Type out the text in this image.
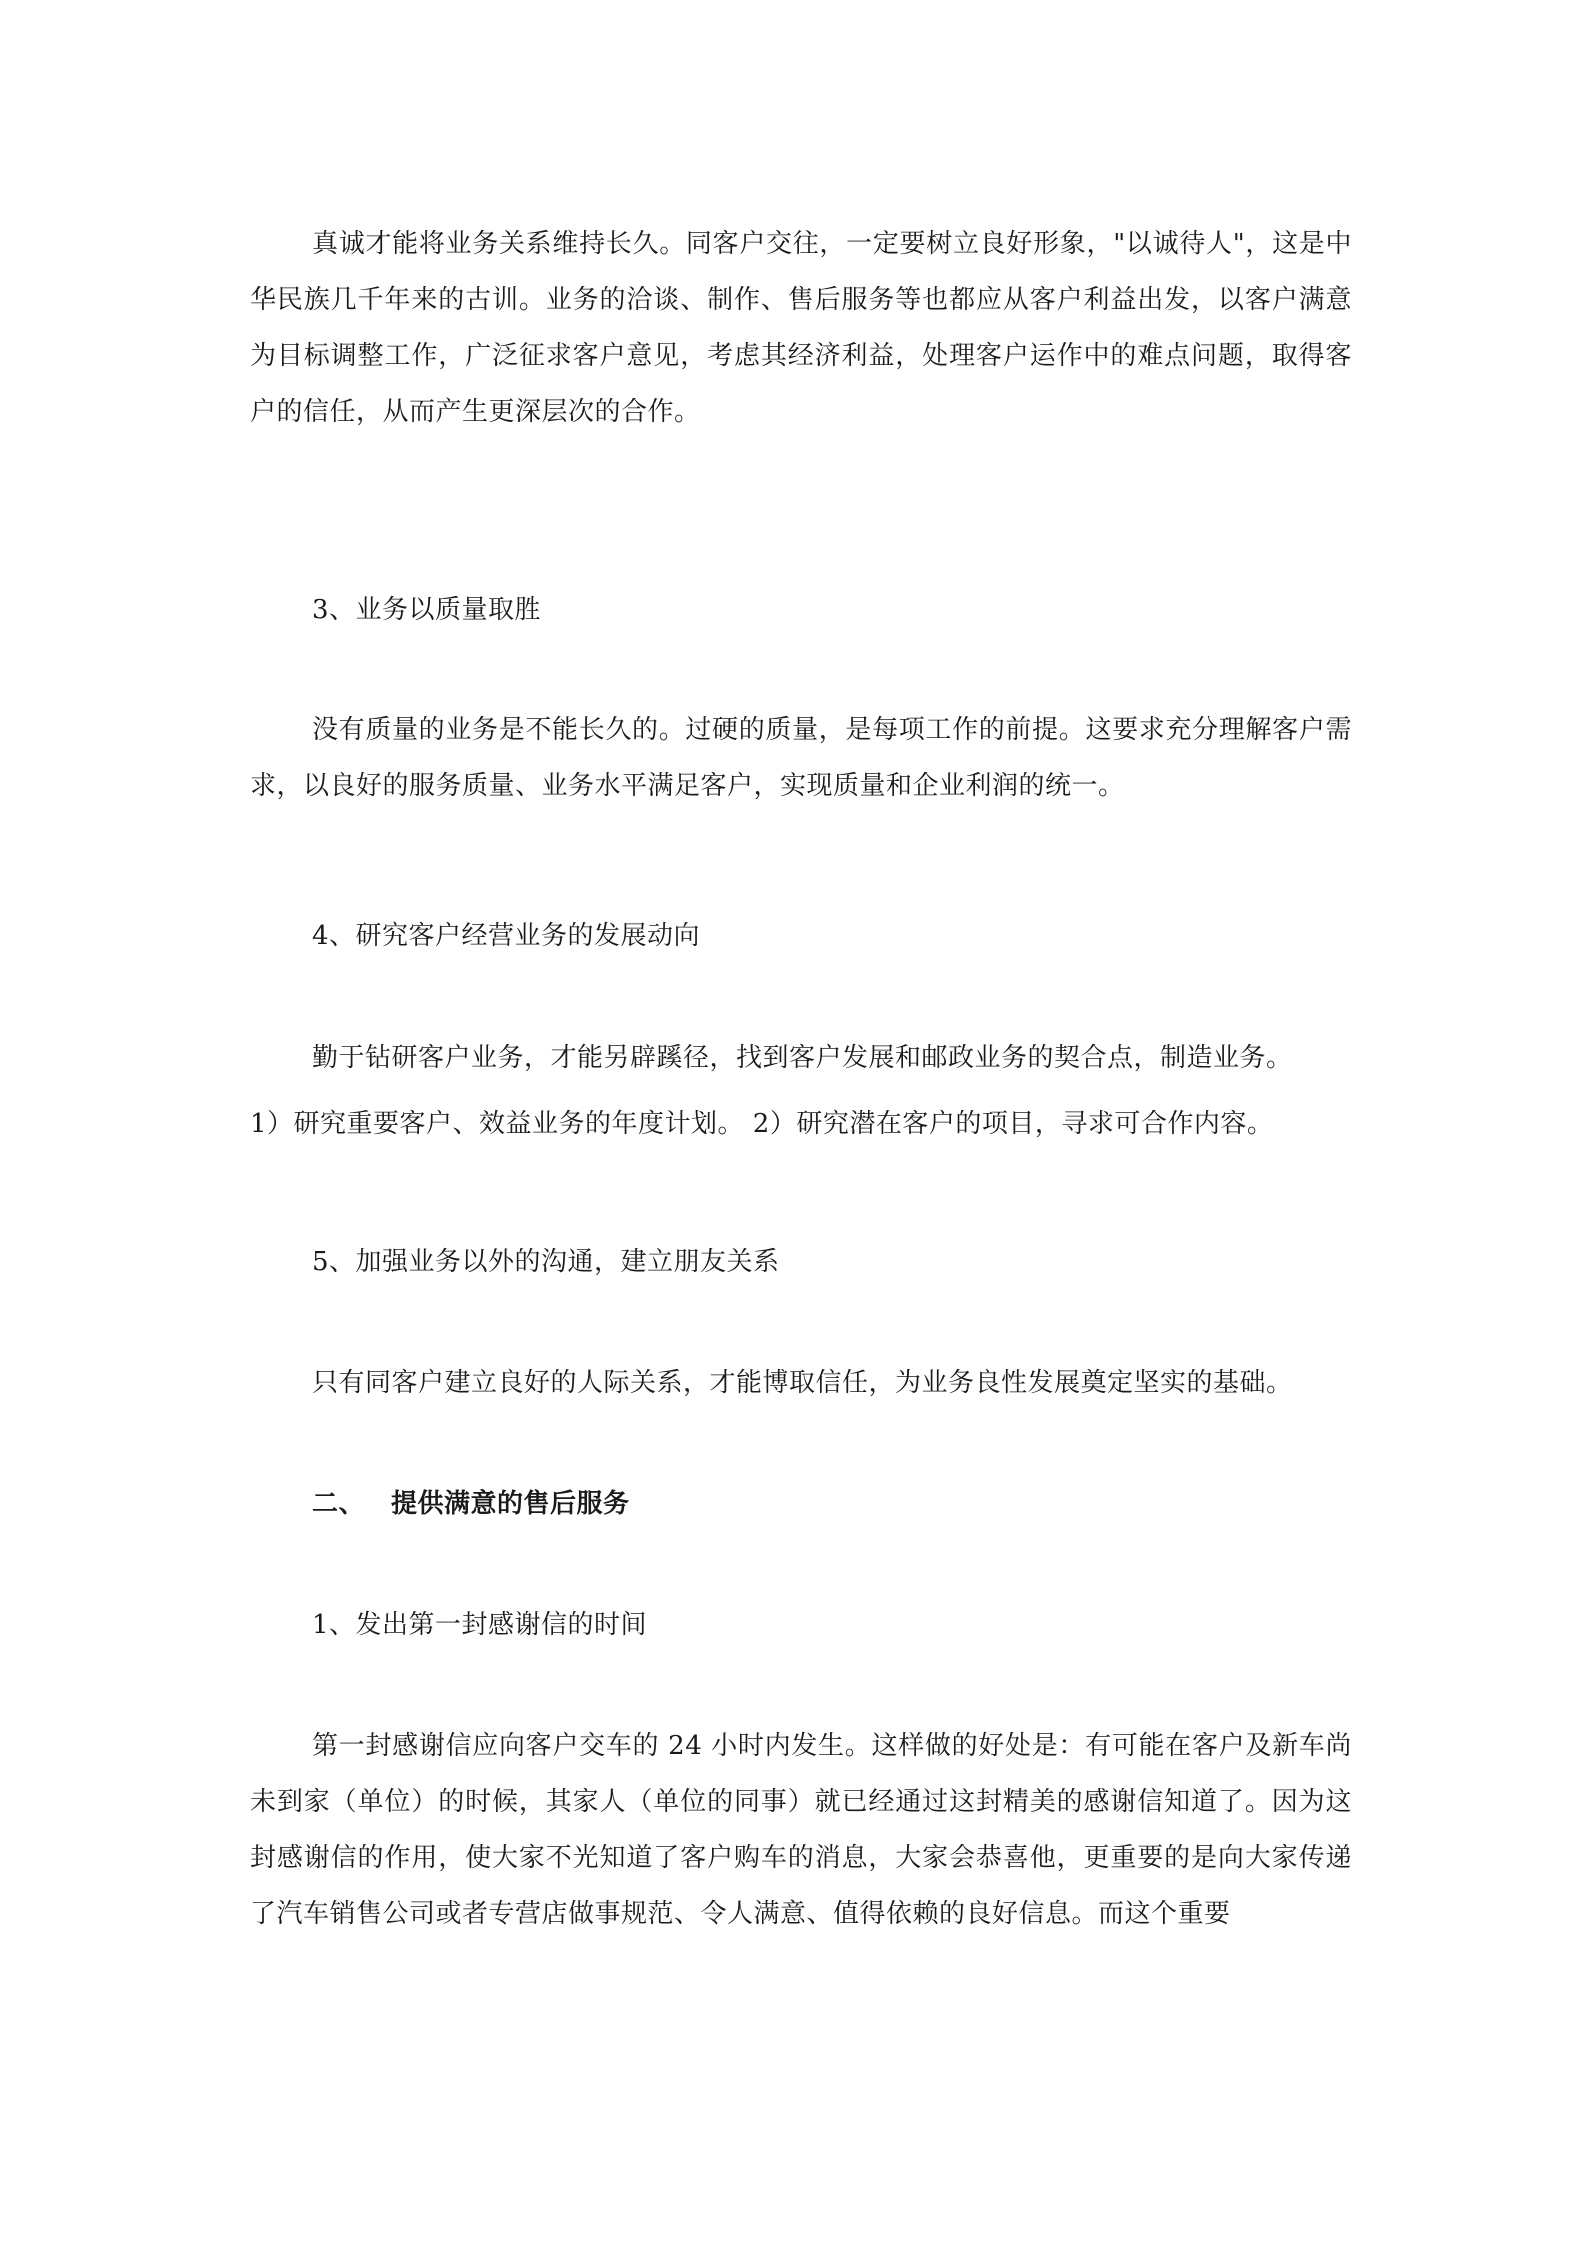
真诚才能将业务关系维持长久。同客户交往，一定要树立良好形象，"以诚待人"，这是中华民族几千年来的古训。业务的洽谈、制作、售后服务等也都应从客户利益出发，以客户满意为目标调整工作，广泛征求客户意见，考虑其经济利益，处理客户运作中的难点问题，取得客户的信任，从而产生更深层次的合作。

3、业务以质量取胜

没有质量的业务是不能长久的。过硬的质量，是每项工作的前提。这要求充分理解客户需求，以良好的服务质量、业务水平满足客户，实现质量和企业利润的统一。

4、研究客户经营业务的发展动向

勤于钻研客户业务，才能另辟蹊径，找到客户发展和邮政业务的契合点，制造业务。

1）研究重要客户、效益业务的年度计划。 2）研究潜在客户的项目，寻求可合作内容。

5、加强业务以外的沟通，建立朋友关系

只有同客户建立良好的人际关系，才能博取信任，为业务良性发展奠定坚实的基础。

二、 提供满意的售后服务

1、发出第一封感谢信的时间

第一封感谢信应向客户交车的 24 小时内发生。这样做的好处是：有可能在客户及新车尚未到家（单位）的时候，其家人（单位的同事）就已经通过这封精美的感谢信知道了。因为这封感谢信的作用，使大家不光知道了客户购车的消息，大家会恭喜他，更重要的是向大家传递了汽车销售公司或者专营店做事规范、令人满意、值得依赖的良好信息。而这个重要
